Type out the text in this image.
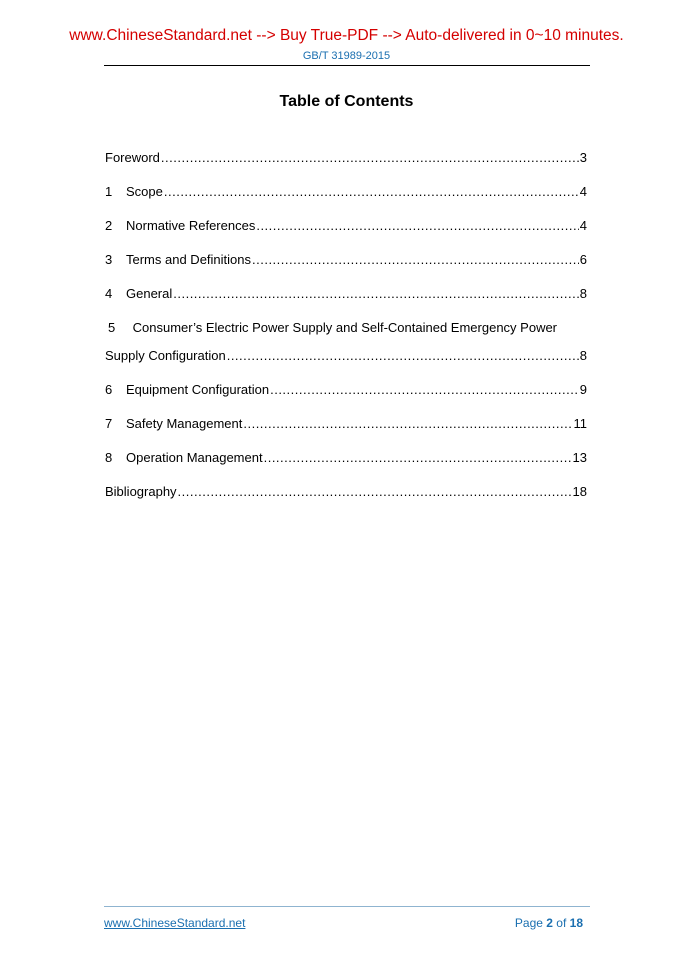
www.ChineseStandard.net --> Buy True-PDF --> Auto-delivered in 0~10 minutes.
GB/T 31989-2015
Table of Contents
Foreword .....	3
1	Scope .....	4
2	Normative References .....	4
3	Terms and Definitions .....	6
4	General .....	8
5 Consumer’s Electric Power Supply and Self-Contained Emergency Power
Supply Configuration .....	8
6	Equipment Configuration .....	9
7	Safety Management .....	11
8	Operation Management .....	13
Bibliography .....	18
www.ChineseStandard.net	Page 2 of 18
